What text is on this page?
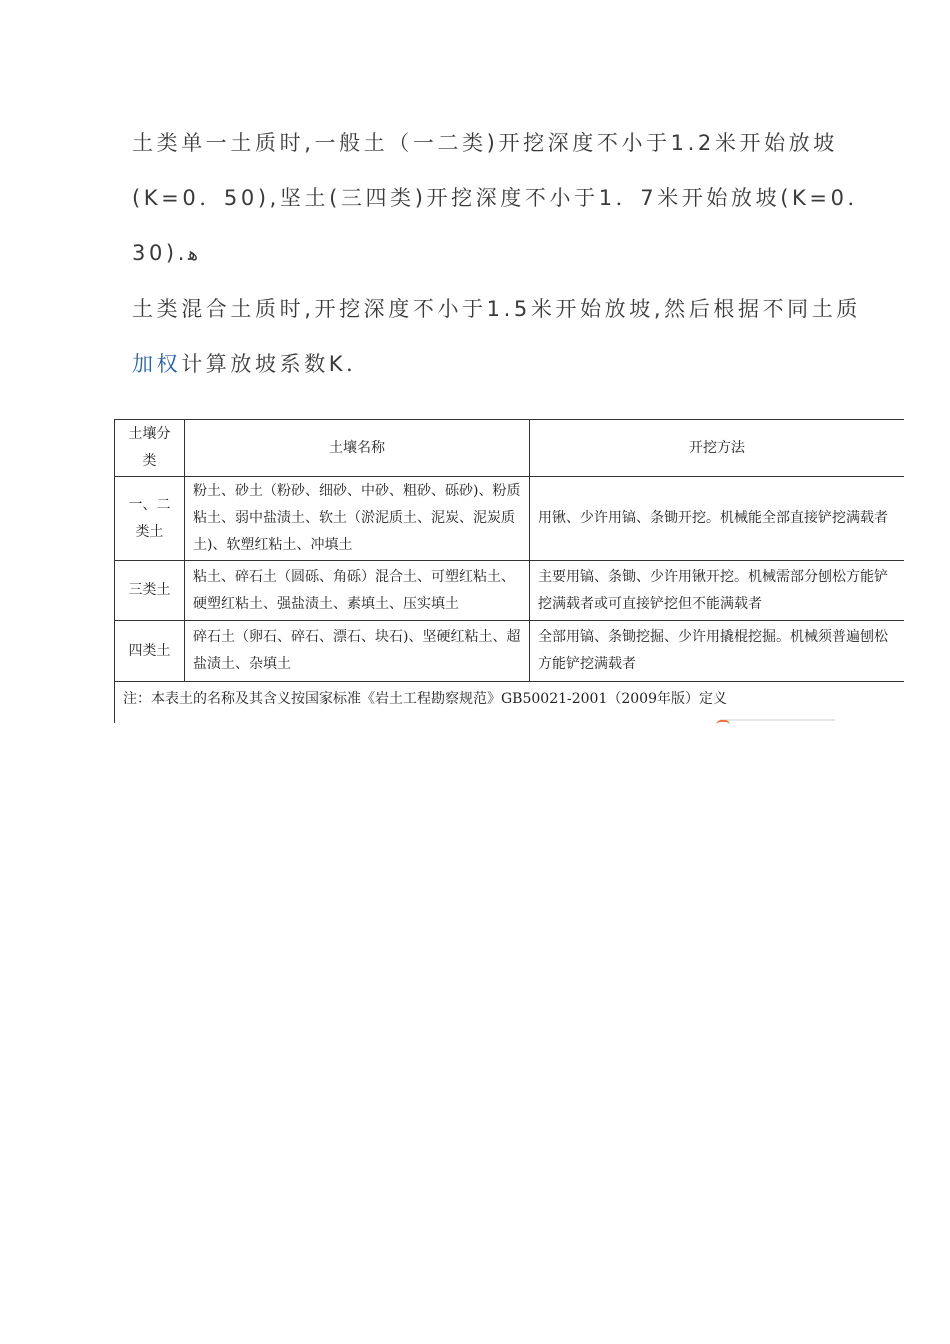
土类单一土质时,一般土（一二类)开挖深度不小于1.2米开始放坡(K=0．50),坚土(三四类)开挖深度不小于1．7米开始放坡(K=0．30).ﻫ

土类混合土质时,开挖深度不小于1.5米开始放坡,然后根据不同土质加权计算放坡系数K．

土壤分类	土壤名称	开挖方法
一、二类土	粉土、砂土（粉砂、细砂、中砂、粗砂、砾砂)、粉质粘土、弱中盐渍土、软土（淤泥质土、泥炭、泥炭质土)、软塑红粘土、冲填土	用锹、少许用镐、条锄开挖。机械能全部直接铲挖满载者
三类土	粘土、碎石土（圆砾、角砾）混合土、可塑红粘土、硬塑红粘土、强盐渍土、素填土、压实填土	主要用镐、条锄、少许用锹开挖。机械需部分刨松方能铲挖满载者或可直接铲挖但不能满载者
四类土	碎石土（卵石、碎石、漂石、块石)、坚硬红粘土、超盐渍土、杂填土	全部用镐、条锄挖掘、少许用撬棍挖掘。机械须普遍刨松方能铲挖满载者
注：本表土的名称及其含义按国家标准《岩土工程勘察规范》GB50021-2001（2009年版）定义		
